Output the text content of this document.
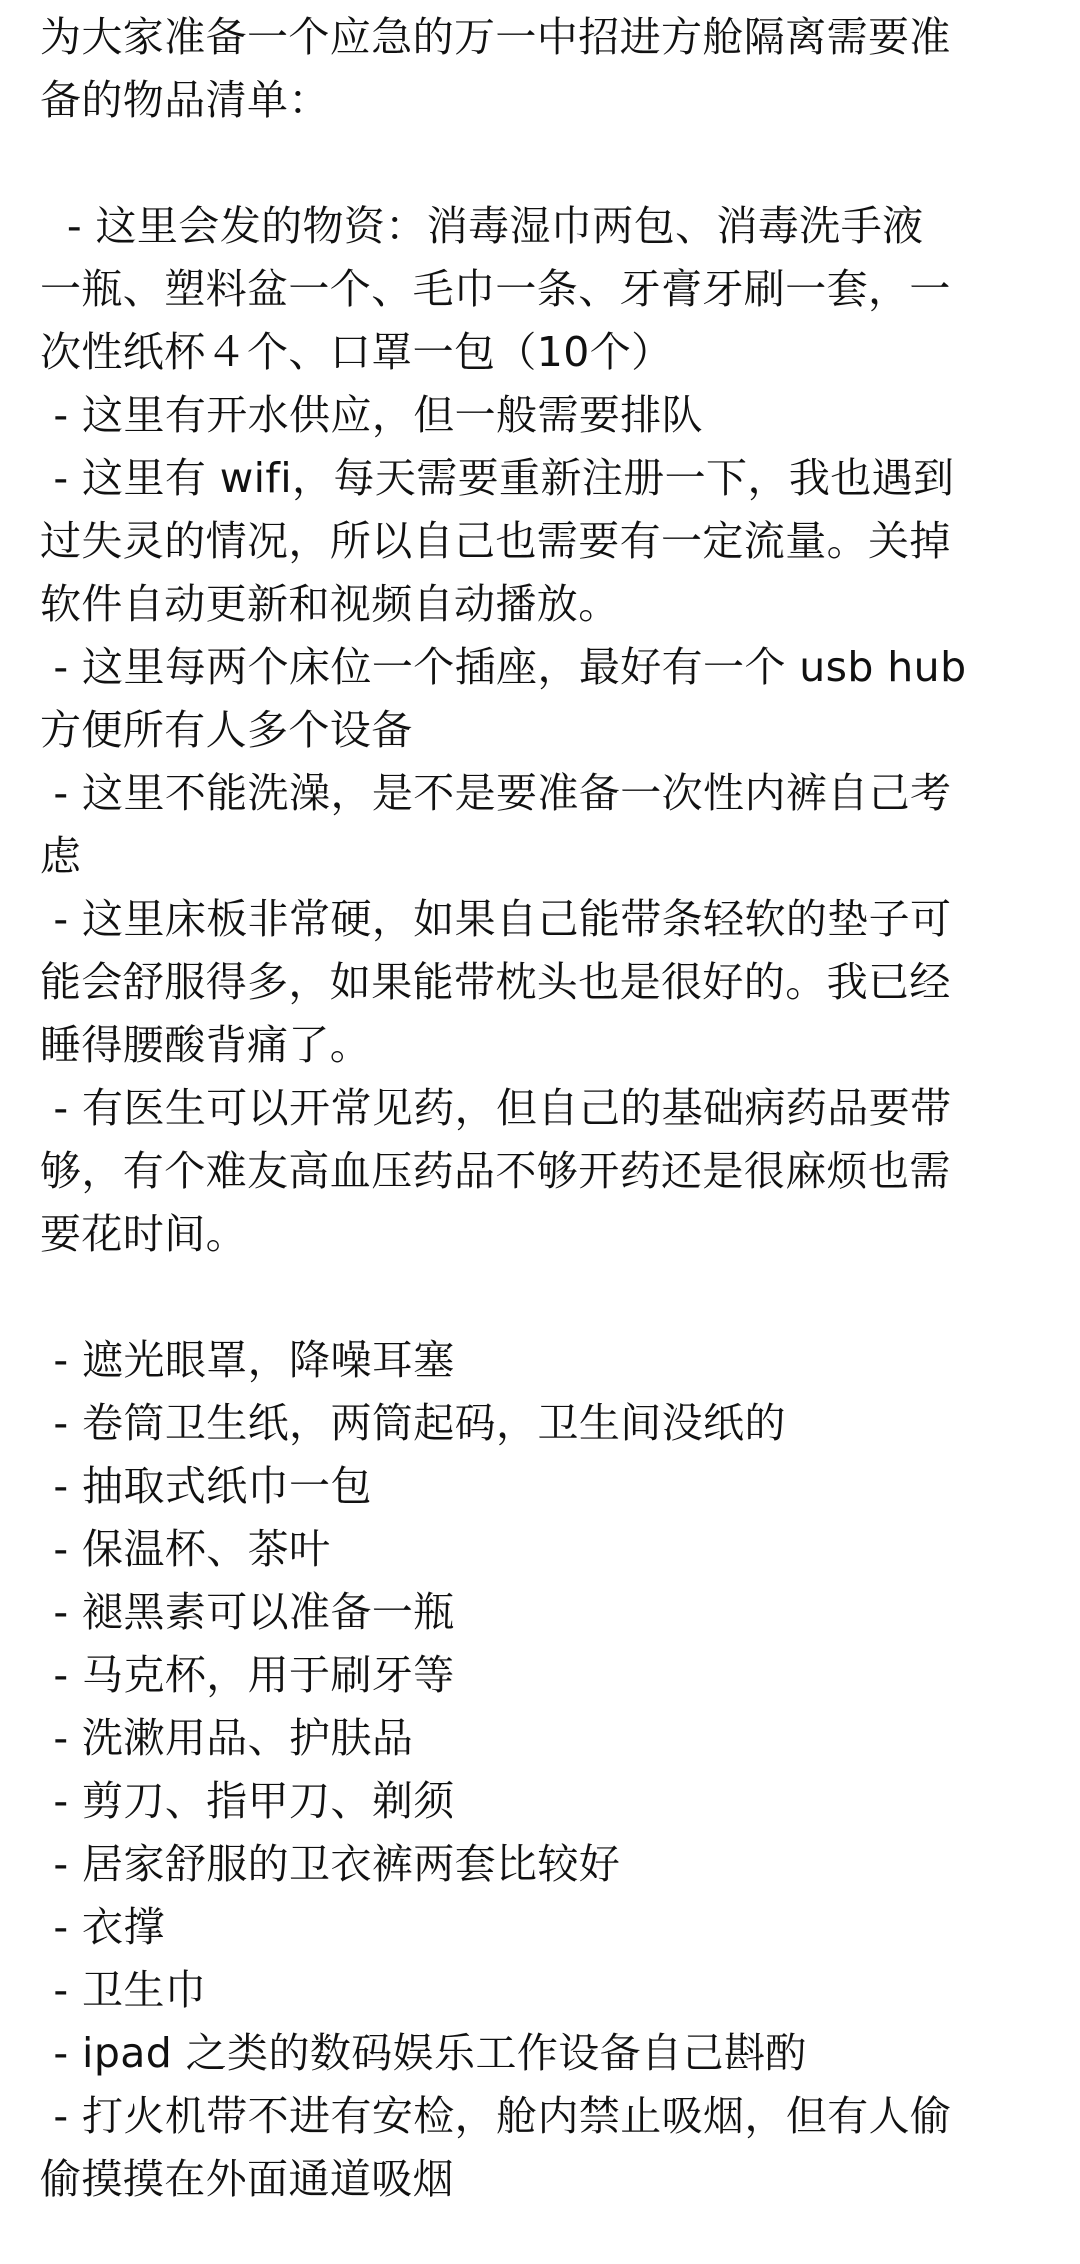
为大家准备一个应急的万一中招进方舱隔离需要准
备的物品清单：
- 这里会发的物资：消毒湿巾两包、消毒洗手液
一瓶、塑料盆一个、毛巾一条、牙膏牙刷一套，一
次性纸杯４个、口罩一包（10个）
- 这里有开水供应，但一般需要排队
- 这里有 wifi，每天需要重新注册一下，我也遇到
过失灵的情况，所以自己也需要有一定流量。关掉
软件自动更新和视频自动播放。
- 这里每两个床位一个插座，最好有一个 usb hub
方便所有人多个设备
- 这里不能洗澡，是不是要准备一次性内裤自己考
虑
- 这里床板非常硬，如果自己能带条轻软的垫子可
能会舒服得多，如果能带枕头也是很好的。我已经
睡得腰酸背痛了。
- 有医生可以开常见药，但自己的基础病药品要带
够，有个难友高血压药品不够开药还是很麻烦也需
要花时间。
- 遮光眼罩，降噪耳塞
- 卷筒卫生纸，两筒起码，卫生间没纸的
- 抽取式纸巾一包
- 保温杯、茶叶
- 褪黑素可以准备一瓶
- 马克杯，用于刷牙等
- 洗漱用品、护肤品
- 剪刀、指甲刀、剃须
- 居家舒服的卫衣裤两套比较好
- 衣撑
- 卫生巾
- ipad 之类的数码娱乐工作设备自己斟酌
- 打火机带不进有安检，舱内禁止吸烟，但有人偷
偷摸摸在外面通道吸烟
